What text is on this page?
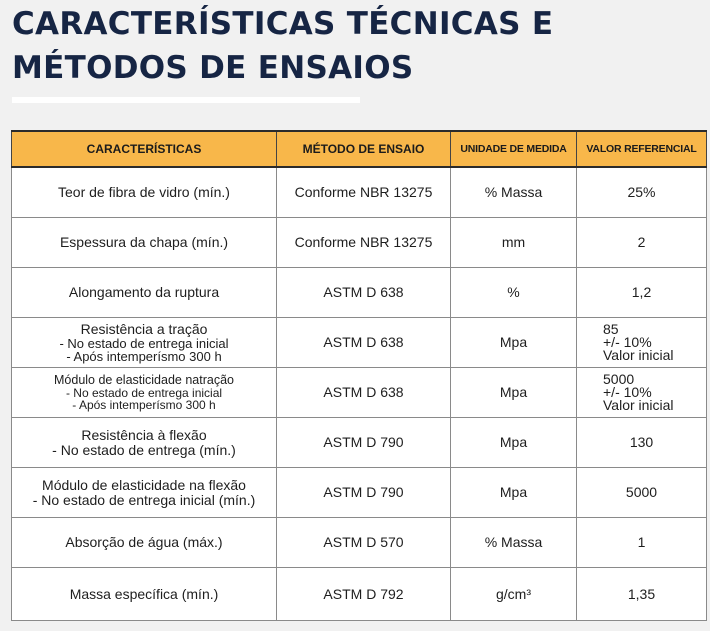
CARACTERÍSTICAS TÉCNICAS E
MÉTODOS DE ENSAIOS
CARACTERÍSTICAS	MÉTODO DE ENSAIO	UNIDADE DE MEDIDA	VALOR REFERENCIAL

Teor de fibra de vidro (mín.)	Conforme NBR 13275	% Massa	25%

Espessura da chapa (mín.)	Conforme NBR 13275	mm	2

Alongamento da ruptura	ASTM D 638	%	1,2

Resistência a tração
- No estado de entrega inicial
- Após intemperísmo 300 h	ASTM D 638	Mpa	85
+/- 10%
Valor inicial

Módulo de elasticidade natração
- No estado de entrega inicial
- Após intemperísmo 300 h	ASTM D 638	Mpa	5000
+/- 10%
Valor inicial

Resistência à flexão
- No estado de entrega (mín.)	ASTM D 790	Mpa	130

Módulo de elasticidade na flexão
- No estado de entrega inicial (mín.)	ASTM D 790	Mpa	5000

Absorção de água (máx.)	ASTM D 570	% Massa	1

Massa específica (mín.)	ASTM D 792	g/cm³	1,35
